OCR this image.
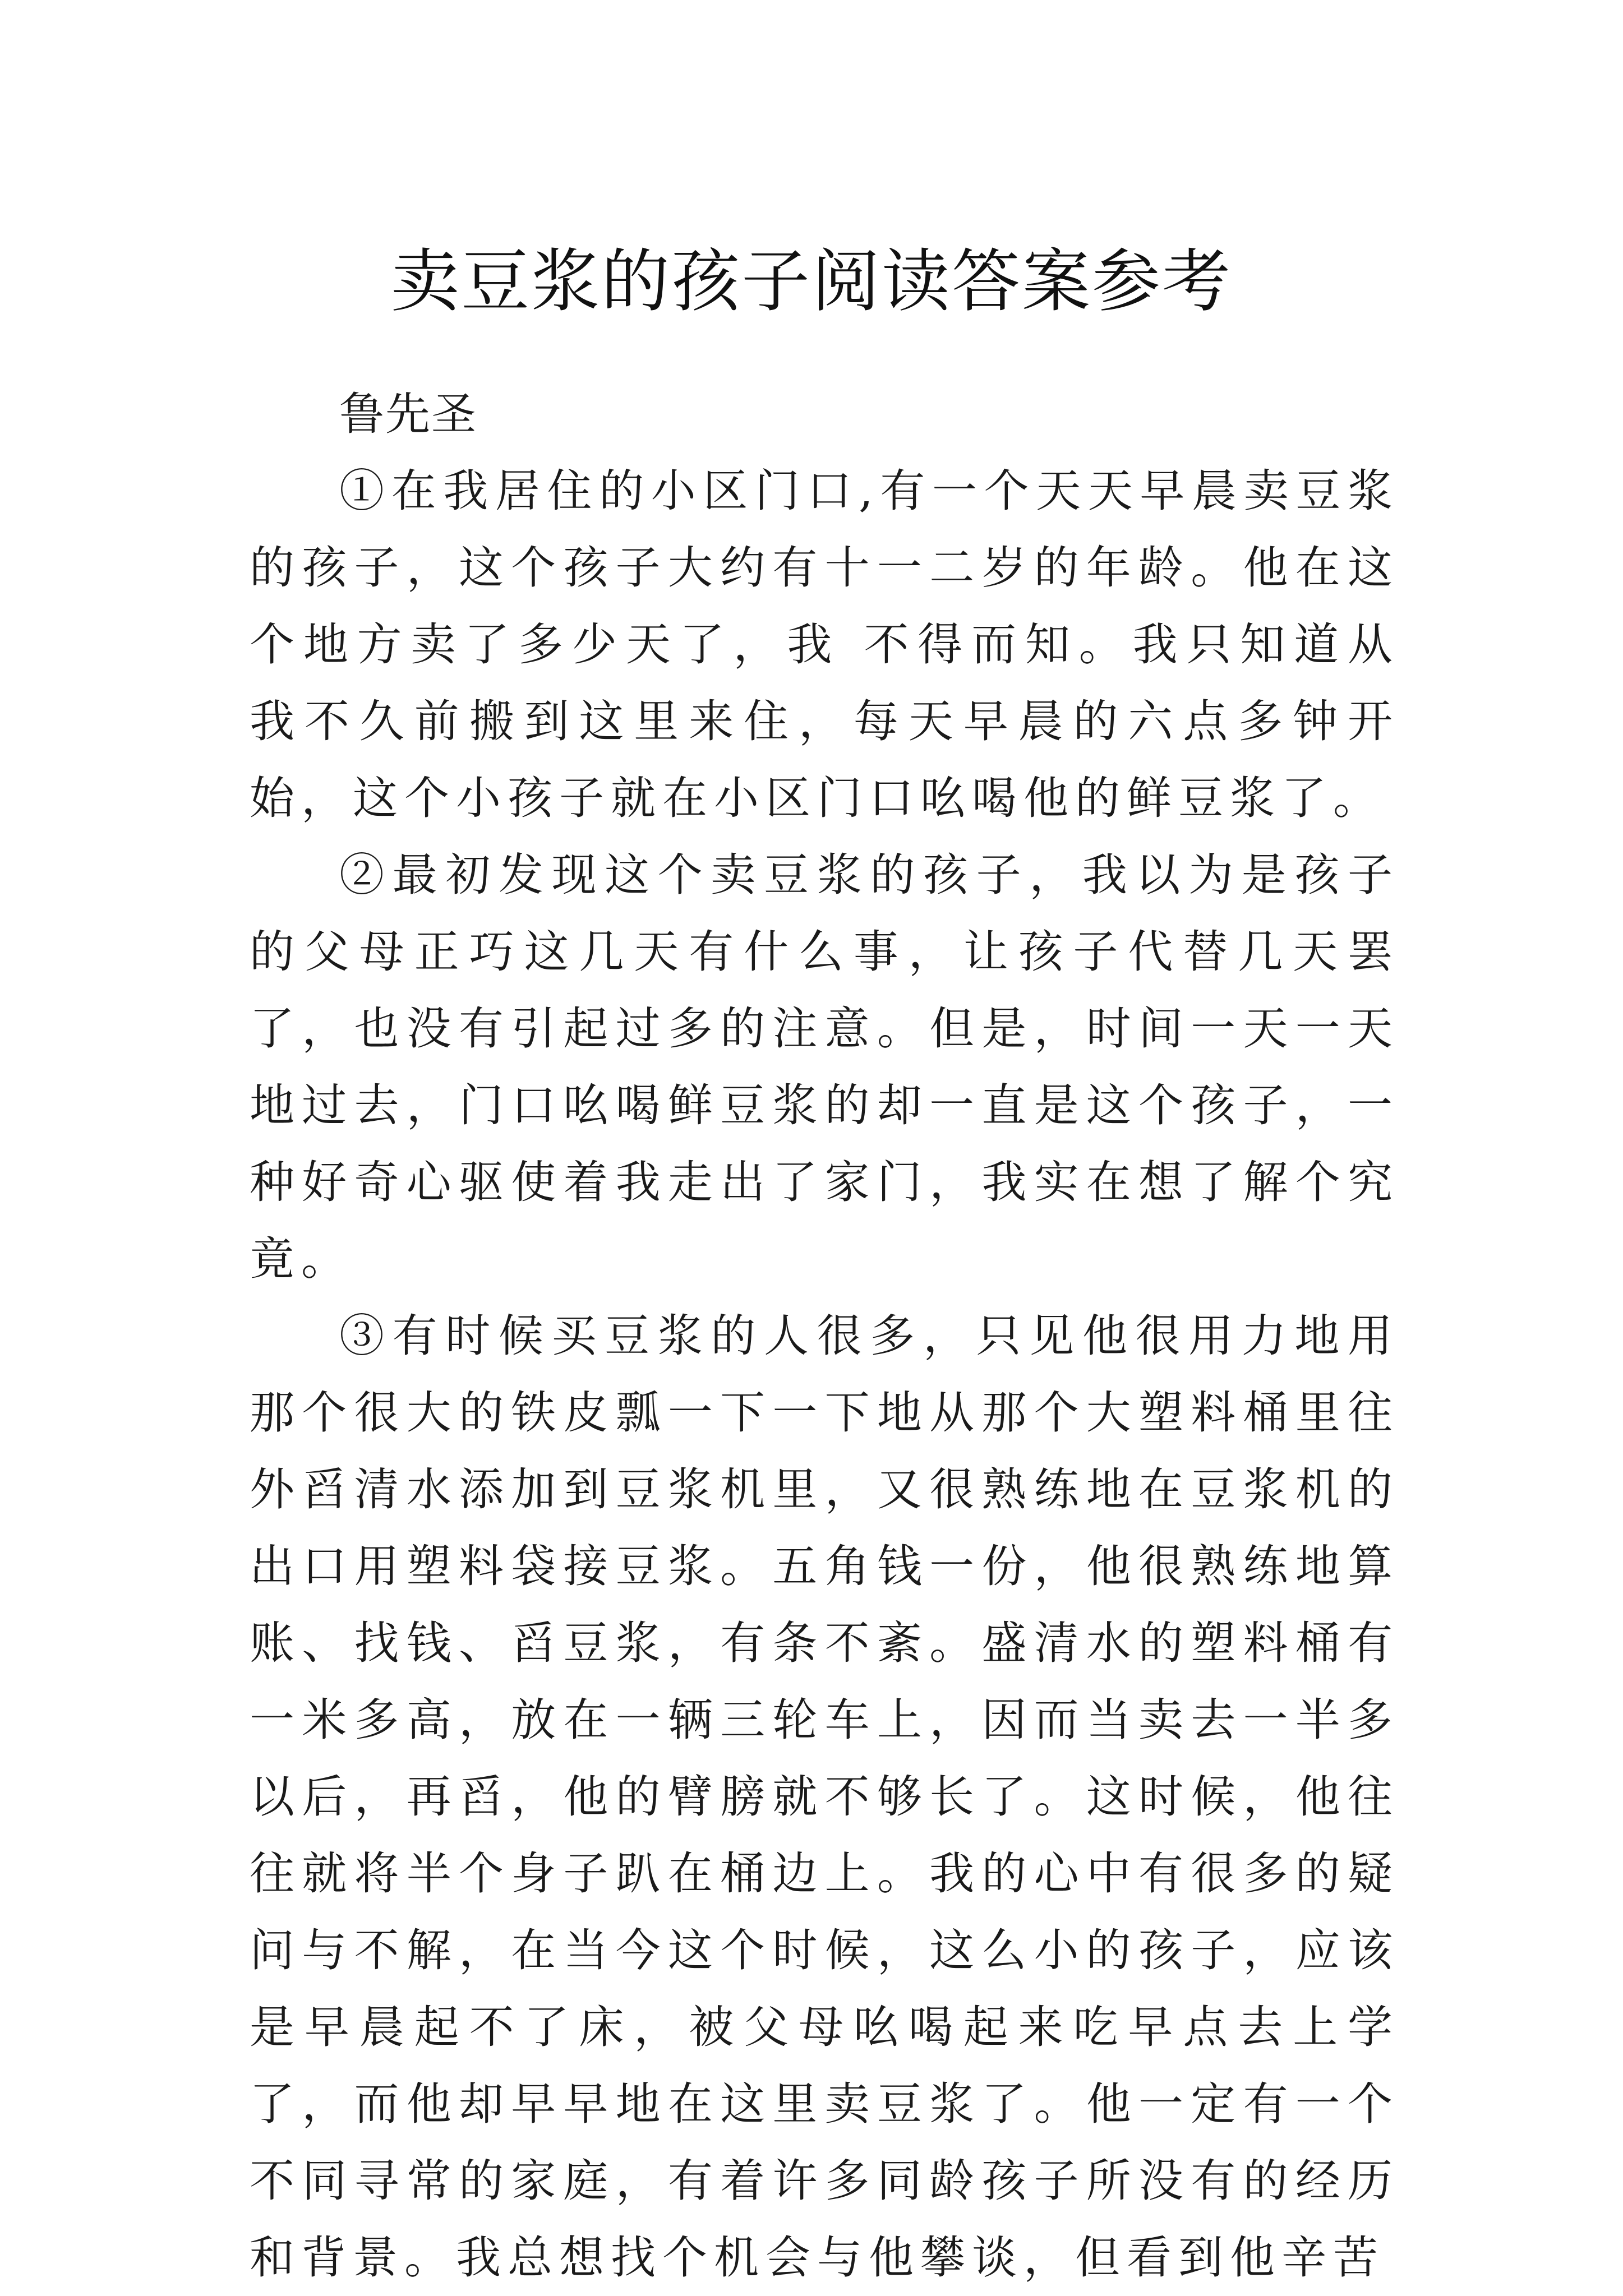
卖豆浆的孩子阅读答案参考

鲁先圣

①在我居住的小区门口,有一个天天早晨卖豆浆的孩子，这个孩子大约有十一二岁的年龄。他在这个地方卖了多少天了，我 不得而知。我只知道从我不久前搬到这里来住，每天早晨的六点多钟开始，这个小孩子就在小区门口吆喝他的鲜豆浆了。

②最初发现这个卖豆浆的孩子，我以为是孩子的父母正巧这几天有什么事，让孩子代替几天罢了，也没有引起过多的注意。但是，时间一天一天地过去，门口吆喝鲜豆浆的却一直是这个孩子，一种好奇心驱使着我走出了家门，我实在想了解个究竟。

③有时候买豆浆的人很多，只见他很用力地用那个很大的铁皮瓢一下一下地从那个大塑料桶里往外舀清水添加到豆浆机里，又很熟练地在豆浆机的出口用塑料袋接豆浆。五角钱一份，他很熟练地算账、找钱、舀豆浆，有条不紊。盛清水的塑料桶有一米多高，放在一辆三轮车上，因而当卖去一半多以后，再舀，他的臂膀就不够长了。这时候，他往往就将半个身子趴在桶边上。我的心中有很多的疑问与不解，在当今这个时候，这么小的孩子，应该是早晨起不了床，被父母吆喝起来吃早点去上学了，而他却早早地在这里卖豆浆了。他一定有一个不同寻常的家庭，有着许多同龄孩子所没有的经历和背景。我总想找个机会与他攀谈，但看到他辛苦
